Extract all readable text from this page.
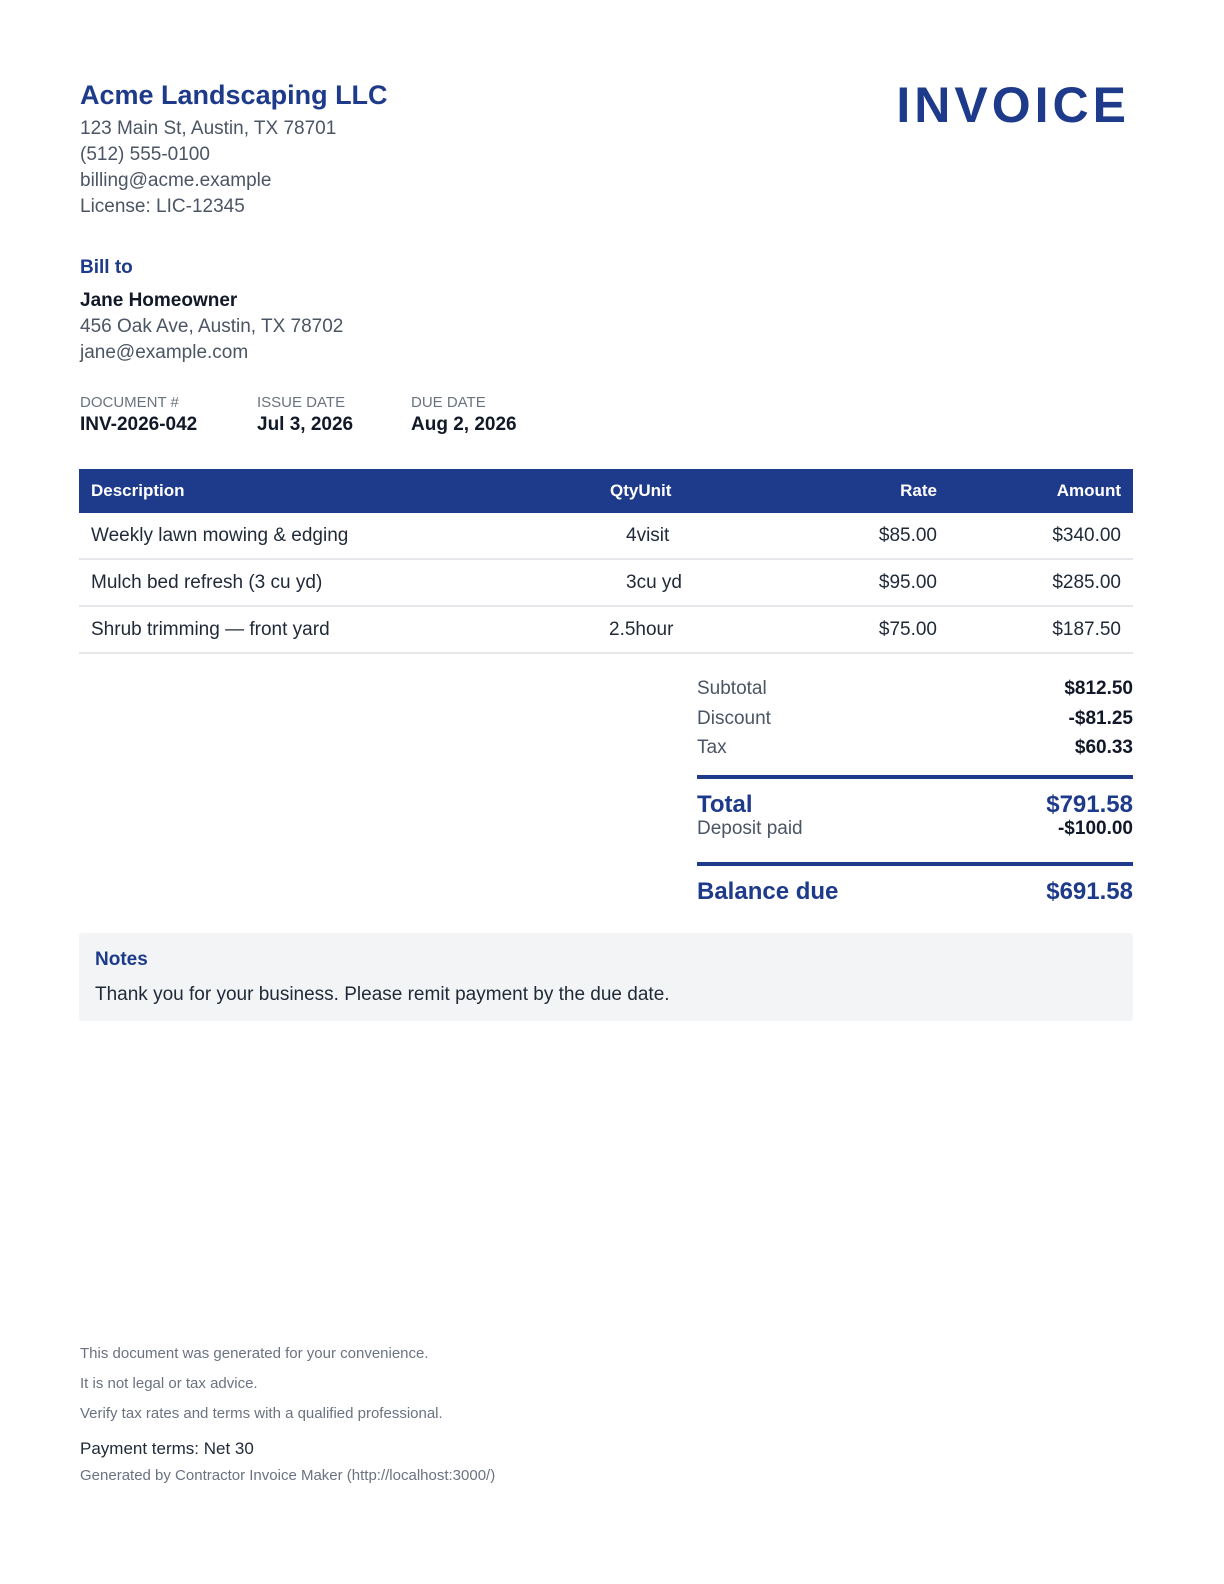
Acme Landscaping LLC
123 Main St, Austin, TX 78701
(512) 555-0100
billing@acme.example
License: LIC-12345
INVOICE
Bill to
Jane Homeowner
456 Oak Ave, Austin, TX 78702
jane@example.com
DOCUMENT #
INV-2026-042
ISSUE DATE
Jul 3, 2026
DUE DATE
Aug 2, 2026
Description	QtyUnit	Rate	Amount
Weekly lawn mowing & edging	4visit	$85.00	$340.00
Mulch bed refresh (3 cu yd)	3cu yd	$95.00	$285.00
Shrub trimming — front yard	2.5hour	$75.00	$187.50
Subtotal	$812.50
Discount	-$81.25
Tax	$60.33
Total	$791.58
Deposit paid	-$100.00
Balance due	$691.58
Notes
Thank you for your business. Please remit payment by the due date.
This document was generated for your convenience.
It is not legal or tax advice.
Verify tax rates and terms with a qualified professional.
Payment terms: Net 30
Generated by Contractor Invoice Maker (http://localhost:3000/)
